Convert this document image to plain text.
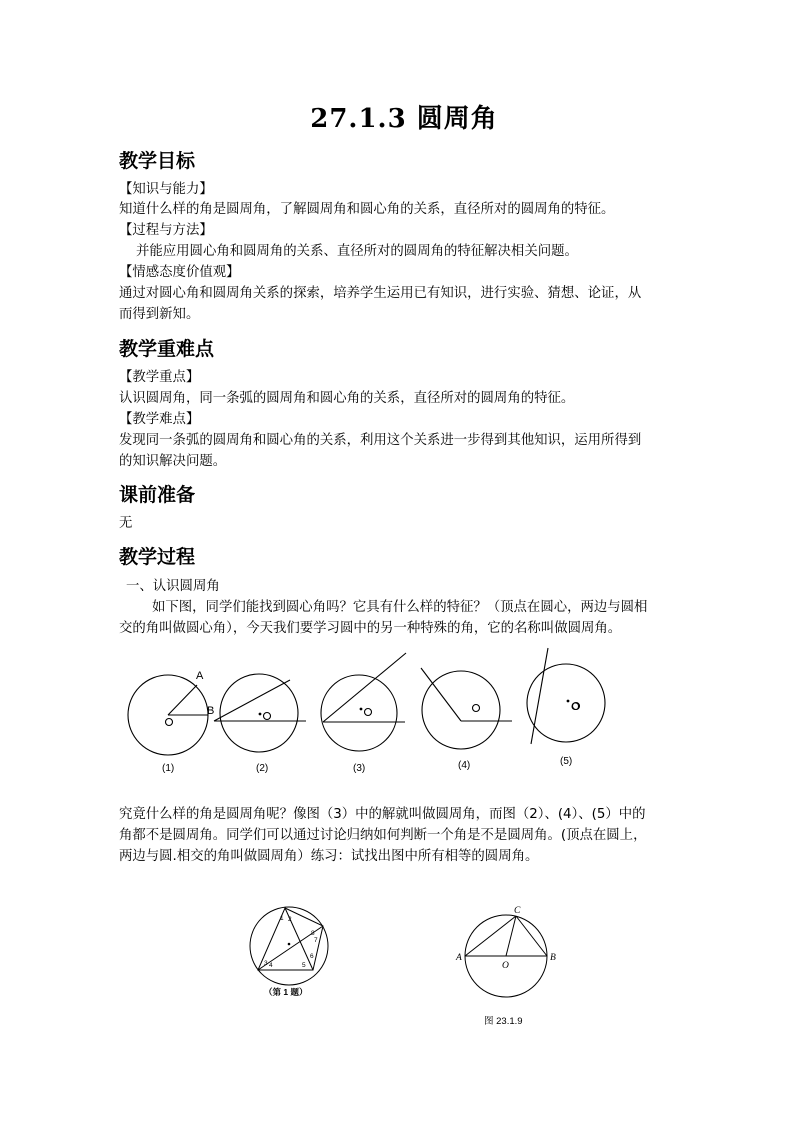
27.1.3 圆周角
教学目标
【知识与能力】
知道什么样的角是圆周角，了解圆周角和圆心角的关系，直径所对的圆周角的特征。
【过程与方法】
并能应用圆心角和圆周角的关系、直径所对的圆周角的特征解决相关问题。
【情感态度价值观】
通过对圆心角和圆周角关系的探索，培养学生运用已有知识，进行实验、猜想、论证，从
而得到新知。
教学重难点
【教学重点】
认识圆周角，同一条弧的圆周角和圆心角的关系，直径所对的圆周角的特征。
【教学难点】
发现同一条弧的圆周角和圆心角的关系，利用这个关系进一步得到其他知识，运用所得到
的知识解决问题。
课前准备
无
教学过程
一、认识圆周角
如下图，同学们能找到圆心角吗？它具有什么样的特征？（顶点在圆心，两边与圆相
交的角叫做圆心角），今天我们要学习圆中的另一种特殊的角，它的名称叫做圆周角。
A
B	O
(1)	(2)	(3)	(4)	(5)
究竟什么样的角是圆周角呢？像图（3）中的解就叫做圆周角，而图（2）、(4）、(5）中的
角都不是圆周角。同学们可以通过讨论归纳如何判断一个角是不是圆周角。(顶点在圆上，
两边与圆.相交的角叫做圆周角）练习：试找出图中所有相等的圆周角。
1 2
3 4	5
6
7
8
（第 1 题）
A	B
C
O
图 23.1.9
